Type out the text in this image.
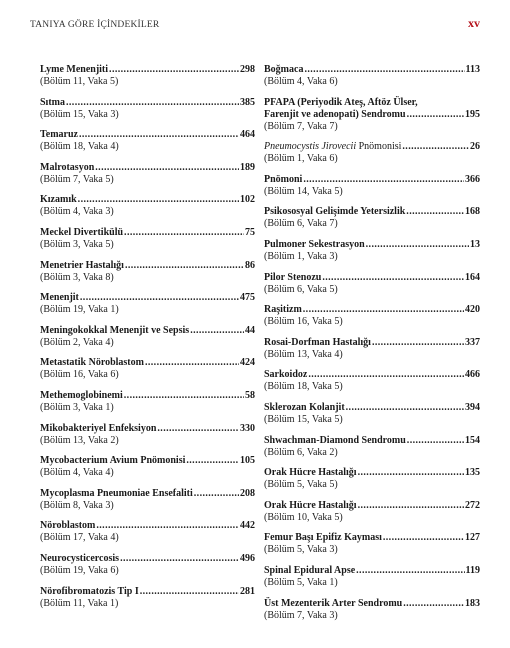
TANIYA GÖRE İÇİNDEKİLER	xv
Lyme Menenjiti .....	298
(Bölüm 11, Vaka 5)
Sıtma .....	385
(Bölüm 15, Vaka 3)
Temaruz .....	464
(Bölüm 18, Vaka 4)
Malrotasyon .....	189
(Bölüm 7, Vaka 5)
Kızamık .....	102
(Bölüm 4, Vaka 3)
Meckel Divertikülü .....	75
(Bölüm 3, Vaka 5)
Menetrier Hastalığı .....	86
(Bölüm 3, Vaka 8)
Menenjit .....	475
(Bölüm 19, Vaka 1)
Meningokokkal Menenjit ve Sepsis .....	44
(Bölüm 2, Vaka 4)
Metastatik Nöroblastom .....	424
(Bölüm 16, Vaka 6)
Methemoglobinemi .....	58
(Bölüm 3, Vaka 1)
Mikobakteriyel Enfeksiyon .....	330
(Bölüm 13, Vaka 2)
Mycobacterium Avium Pnömonisi .....	105
(Bölüm 4, Vaka 4)
Mycoplasma Pneumoniae Ensefaliti .....	208
(Bölüm 8, Vaka 3)
Nöroblastom .....	442
(Bölüm 17, Vaka 4)
Neurocysticercosis .....	496
(Bölüm 19, Vaka 6)
Nörofibromatozis Tip I .....	281
(Bölüm 11, Vaka 1)
Boğmaca .....	113
(Bölüm 4, Vaka 6)
PFAPA (Periyodik Ateş, Aftöz Ülser,
Farenjit ve adenopati) Sendromu .....	195
(Bölüm 7, Vaka 7)
Pneumocystis Jirovecii Pnömonisi .....	26
(Bölüm 1, Vaka 6)
Pnömoni .....	366
(Bölüm 14, Vaka 5)
Psikososyal Gelişimde Yetersizlik .....	168
(Bölüm 6, Vaka 7)
Pulmoner Sekestrasyon .....	13
(Bölüm 1, Vaka 3)
Pilor Stenozu .....	164
(Bölüm 6, Vaka 5)
Raşitizm .....	420
(Bölüm 16, Vaka 5)
Rosai-Dorfman Hastalığı .....	337
(Bölüm 13, Vaka 4)
Sarkoidoz .....	466
(Bölüm 18, Vaka 5)
Sklerozan Kolanjit .....	394
(Bölüm 15, Vaka 5)
Shwachman-Diamond Sendromu .....	154
(Bölüm 6, Vaka 2)
Orak Hücre Hastalığı .....	135
(Bölüm 5, Vaka 5)
Orak Hücre Hastalığı .....	272
(Bölüm 10, Vaka 5)
Femur Başı Epifiz Kayması .....	127
(Bölüm 5, Vaka 3)
Spinal Epidural Apse .....	119
(Bölüm 5, Vaka 1)
Üst Mezenterik Arter Sendromu .....	183
(Bölüm 7, Vaka 3)
